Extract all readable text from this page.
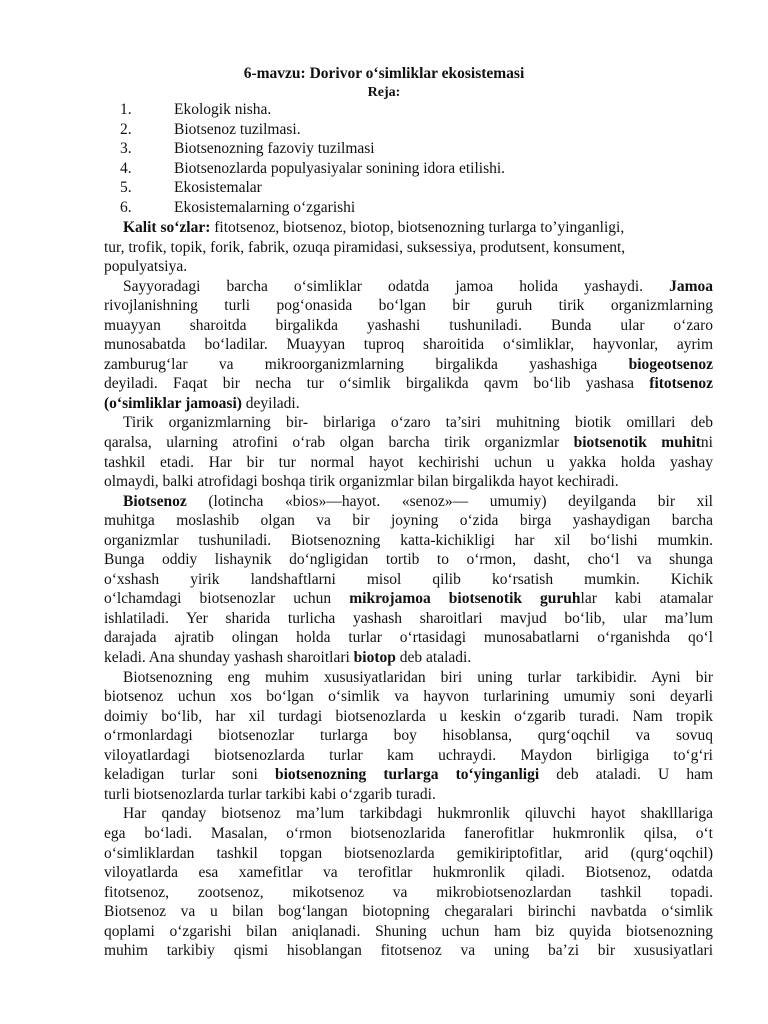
6-mavzu: Dorivor o‘simliklar ekosistemasi
Reja:
1.	Ekologik nisha.
2.	Biotsenoz tuzilmasi.
3.	Biotsenozning fazoviy tuzilmasi
4.	Biotsenozlarda populyasiyalar sonining idora etilishi.
5.	Ekosistemalar
6.	Ekosistemalarning o‘zgarishi
Kalit so‘zlar: fitotsenoz, biotsenoz, biotop, biotsenozning turlarga to’yinganligi,
tur, trofik, topik, forik, fabrik, ozuqa piramidasi, suksessiya, produtsent, konsument,
populyatsiya.
Sayyoradagi barcha o‘simliklar odatda jamoa holida yashaydi. Jamoa
rivojlanishning turli pog‘onasida bo‘lgan bir guruh tirik organizmlarning
muayyan sharoitda birgalikda yashashi tushuniladi. Bunda ular o‘zaro
munosabatda bo‘ladilar. Muayyan tuproq sharoitida o‘simliklar, hayvonlar, ayrim
zamburug‘lar va mikroorganizmlarning birgalikda yashashiga biogeotsenoz
deyiladi. Faqat bir necha tur o‘simlik birgalikda qavm bo‘lib yashasa fitotsenoz
(o‘simliklar jamoasi) deyiladi.
Tirik organizmlarning bir- birlariga o‘zaro ta’siri muhitning biotik omillari deb
qaralsa, ularning atrofini o‘rab olgan barcha tirik organizmlar biotsenotik muhitni
tashkil etadi. Har bir tur normal hayot kechirishi uchun u yakka holda yashay
olmaydi, balki atrofidagi boshqa tirik organizmlar bilan birgalikda hayot kechiradi.
Biotsenoz (lotincha «bios»—hayot. «senoz»— umumiy) deyilganda bir xil
muhitga moslashib olgan va bir joyning o‘zida birga yashaydigan barcha
organizmlar tushuniladi. Biotsenozning katta-kichikligi har xil bo‘lishi mumkin.
Bunga oddiy lishaynik do‘ngligidan tortib to o‘rmon, dasht, cho‘l va shunga
o‘xshash yirik landshaftlarni misol qilib ko‘rsatish mumkin. Kichik
o‘lchamdagi biotsenozlar uchun mikrojamoa biotsenotik guruhlar kabi atamalar
ishlatiladi. Yer sharida turlicha yashash sharoitlari mavjud bo‘lib, ular ma’lum
darajada ajratib olingan holda turlar o‘rtasidagi munosabatlarni o‘rganishda qo‘l
keladi. Ana shunday yashash sharoitlari biotop deb ataladi.
Biotsenozning eng muhim xususiyatlaridan biri uning turlar tarkibidir. Ayni bir
biotsenoz uchun xos bo‘lgan o‘simlik va hayvon turlarining umumiy soni deyarli
doimiy bo‘lib, har xil turdagi biotsenozlarda u keskin o‘zgarib turadi. Nam tropik
o‘rmonlardagi biotsenozlar turlarga boy hisoblansa, qurg‘oqchil va sovuq
viloyatlardagi biotsenozlarda turlar kam uchraydi. Maydon birligiga to‘g‘ri
keladigan turlar soni biotsenozning turlarga to‘yinganligi deb ataladi. U ham
turli biotsenozlarda turlar tarkibi kabi o‘zgarib turadi.
Har qanday biotsenoz ma’lum tarkibdagi hukmronlik qiluvchi hayot shaklllariga
ega bo‘ladi. Masalan, o‘rmon biotsenozlarida fanerofitlar hukmronlik qilsa, o‘t
o‘simliklardan tashkil topgan biotsenozlarda gemikiriptofitlar, arid (qurg‘oqchil)
viloyatlarda esa xamefitlar va terofitlar hukmronlik qiladi. Biotsenoz, odatda
fitotsenoz, zootsenoz, mikotsenoz va mikrobiotsenozlardan tashkil topadi.
Biotsenoz va u bilan bog‘langan biotopning chegaralari birinchi navbatda o‘simlik
qoplami o‘zgarishi bilan aniqlanadi. Shuning uchun ham biz quyida biotsenozning
muhim tarkibiy qismi hisoblangan fitotsenoz va uning ba’zi bir xususiyatlari
